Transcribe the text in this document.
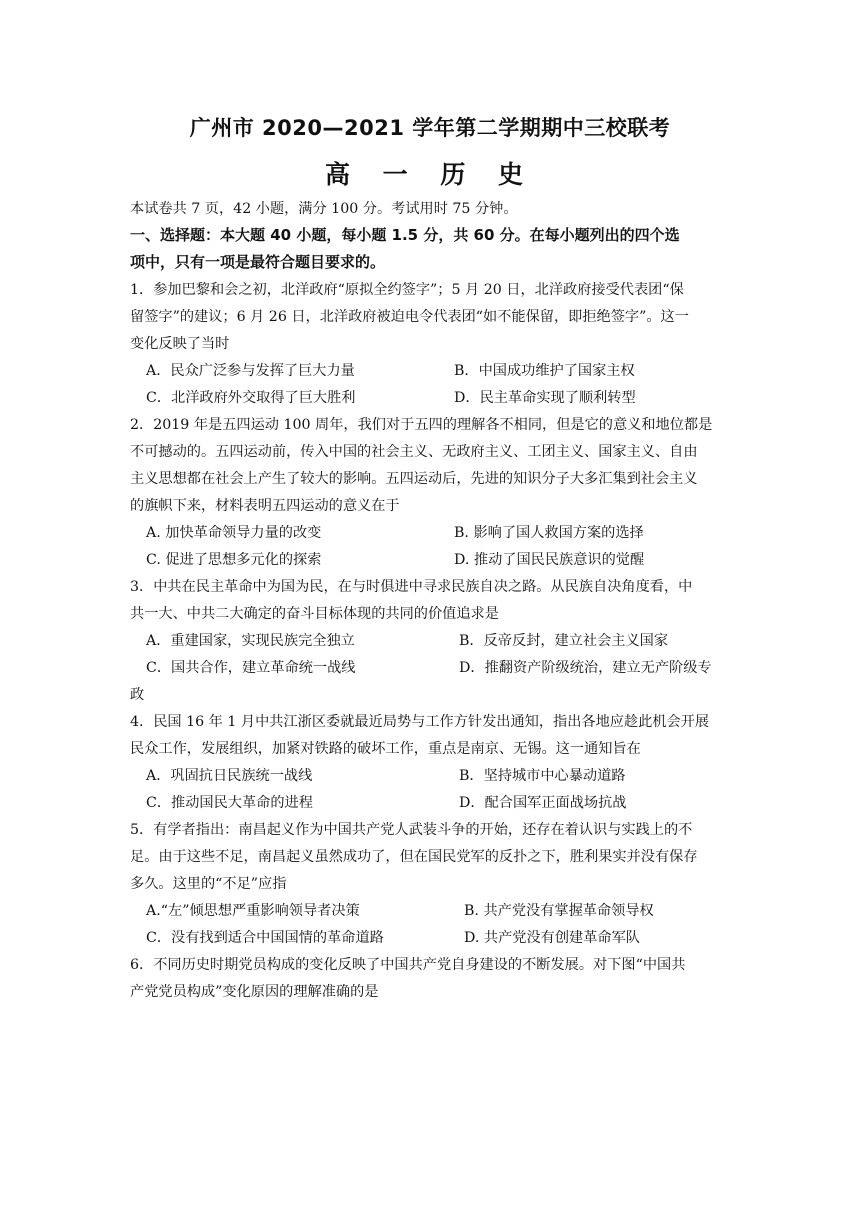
广州市 2020—2021 学年第二学期期中三校联考
高 一 历 史
本试卷共 7 页，42 小题，满分 100 分。考试用时 75 分钟。
一、选择题：本大题 40 小题，每小题 1.5 分，共 60 分。在每小题列出的四个选
项中，只有一项是最符合题目要求的。
1．参加巴黎和会之初，北洋政府“原拟全约签字”；5 月 20 日，北洋政府接受代表团“保
留签字”的建议；6 月 26 日，北洋政府被迫电令代表团“如不能保留，即拒绝签字”。这一
变化反映了当时
A．民众广泛参与发挥了巨大力量	B．中国成功维护了国家主权
C．北洋政府外交取得了巨大胜利	D．民主革命实现了顺利转型
2．2019 年是五四运动 100 周年，我们对于五四的理解各不相同，但是它的意义和地位都是
不可撼动的。五四运动前，传入中国的社会主义、无政府主义、工团主义、国家主义、自由
主义思想都在社会上产生了较大的影响。五四运动后，先进的知识分子大多汇集到社会主义
的旗帜下来，材料表明五四运动的意义在于
A. 加快革命领导力量的改变	B. 影响了国人救国方案的选择
C. 促进了思想多元化的探索	D. 推动了国民民族意识的觉醒
3．中共在民主革命中为国为民，在与时俱进中寻求民族自决之路。从民族自决角度看，中
共一大、中共二大确定的奋斗目标体现的共同的价值追求是
A．重建国家，实现民族完全独立	B．反帝反封，建立社会主义国家
C．国共合作，建立革命统一战线	D．推翻资产阶级统治，建立无产阶级专
政
4．民国 16 年 1 月中共江浙区委就最近局势与工作方针发出通知，指出各地应趁此机会开展
民众工作，发展组织，加紧对铁路的破坏工作，重点是南京、无锡。这一通知旨在
A．巩固抗日民族统一战线	B．坚持城市中心暴动道路
C．推动国民大革命的进程	D．配合国军正面战场抗战
5．有学者指出：南昌起义作为中国共产党人武装斗争的开始，还存在着认识与实践上的不
足。由于这些不足，南昌起义虽然成功了，但在国民党军的反扑之下，胜利果实并没有保存
多久。这里的“不足”应指
A.“左”倾思想严重影响领导者决策	B. 共产党没有掌握革命领导权
C．没有找到适合中国国情的革命道路	D. 共产党没有创建革命军队
6．不同历史时期党员构成的变化反映了中国共产党自身建设的不断发展。对下图“中国共
产党党员构成”变化原因的理解准确的是
